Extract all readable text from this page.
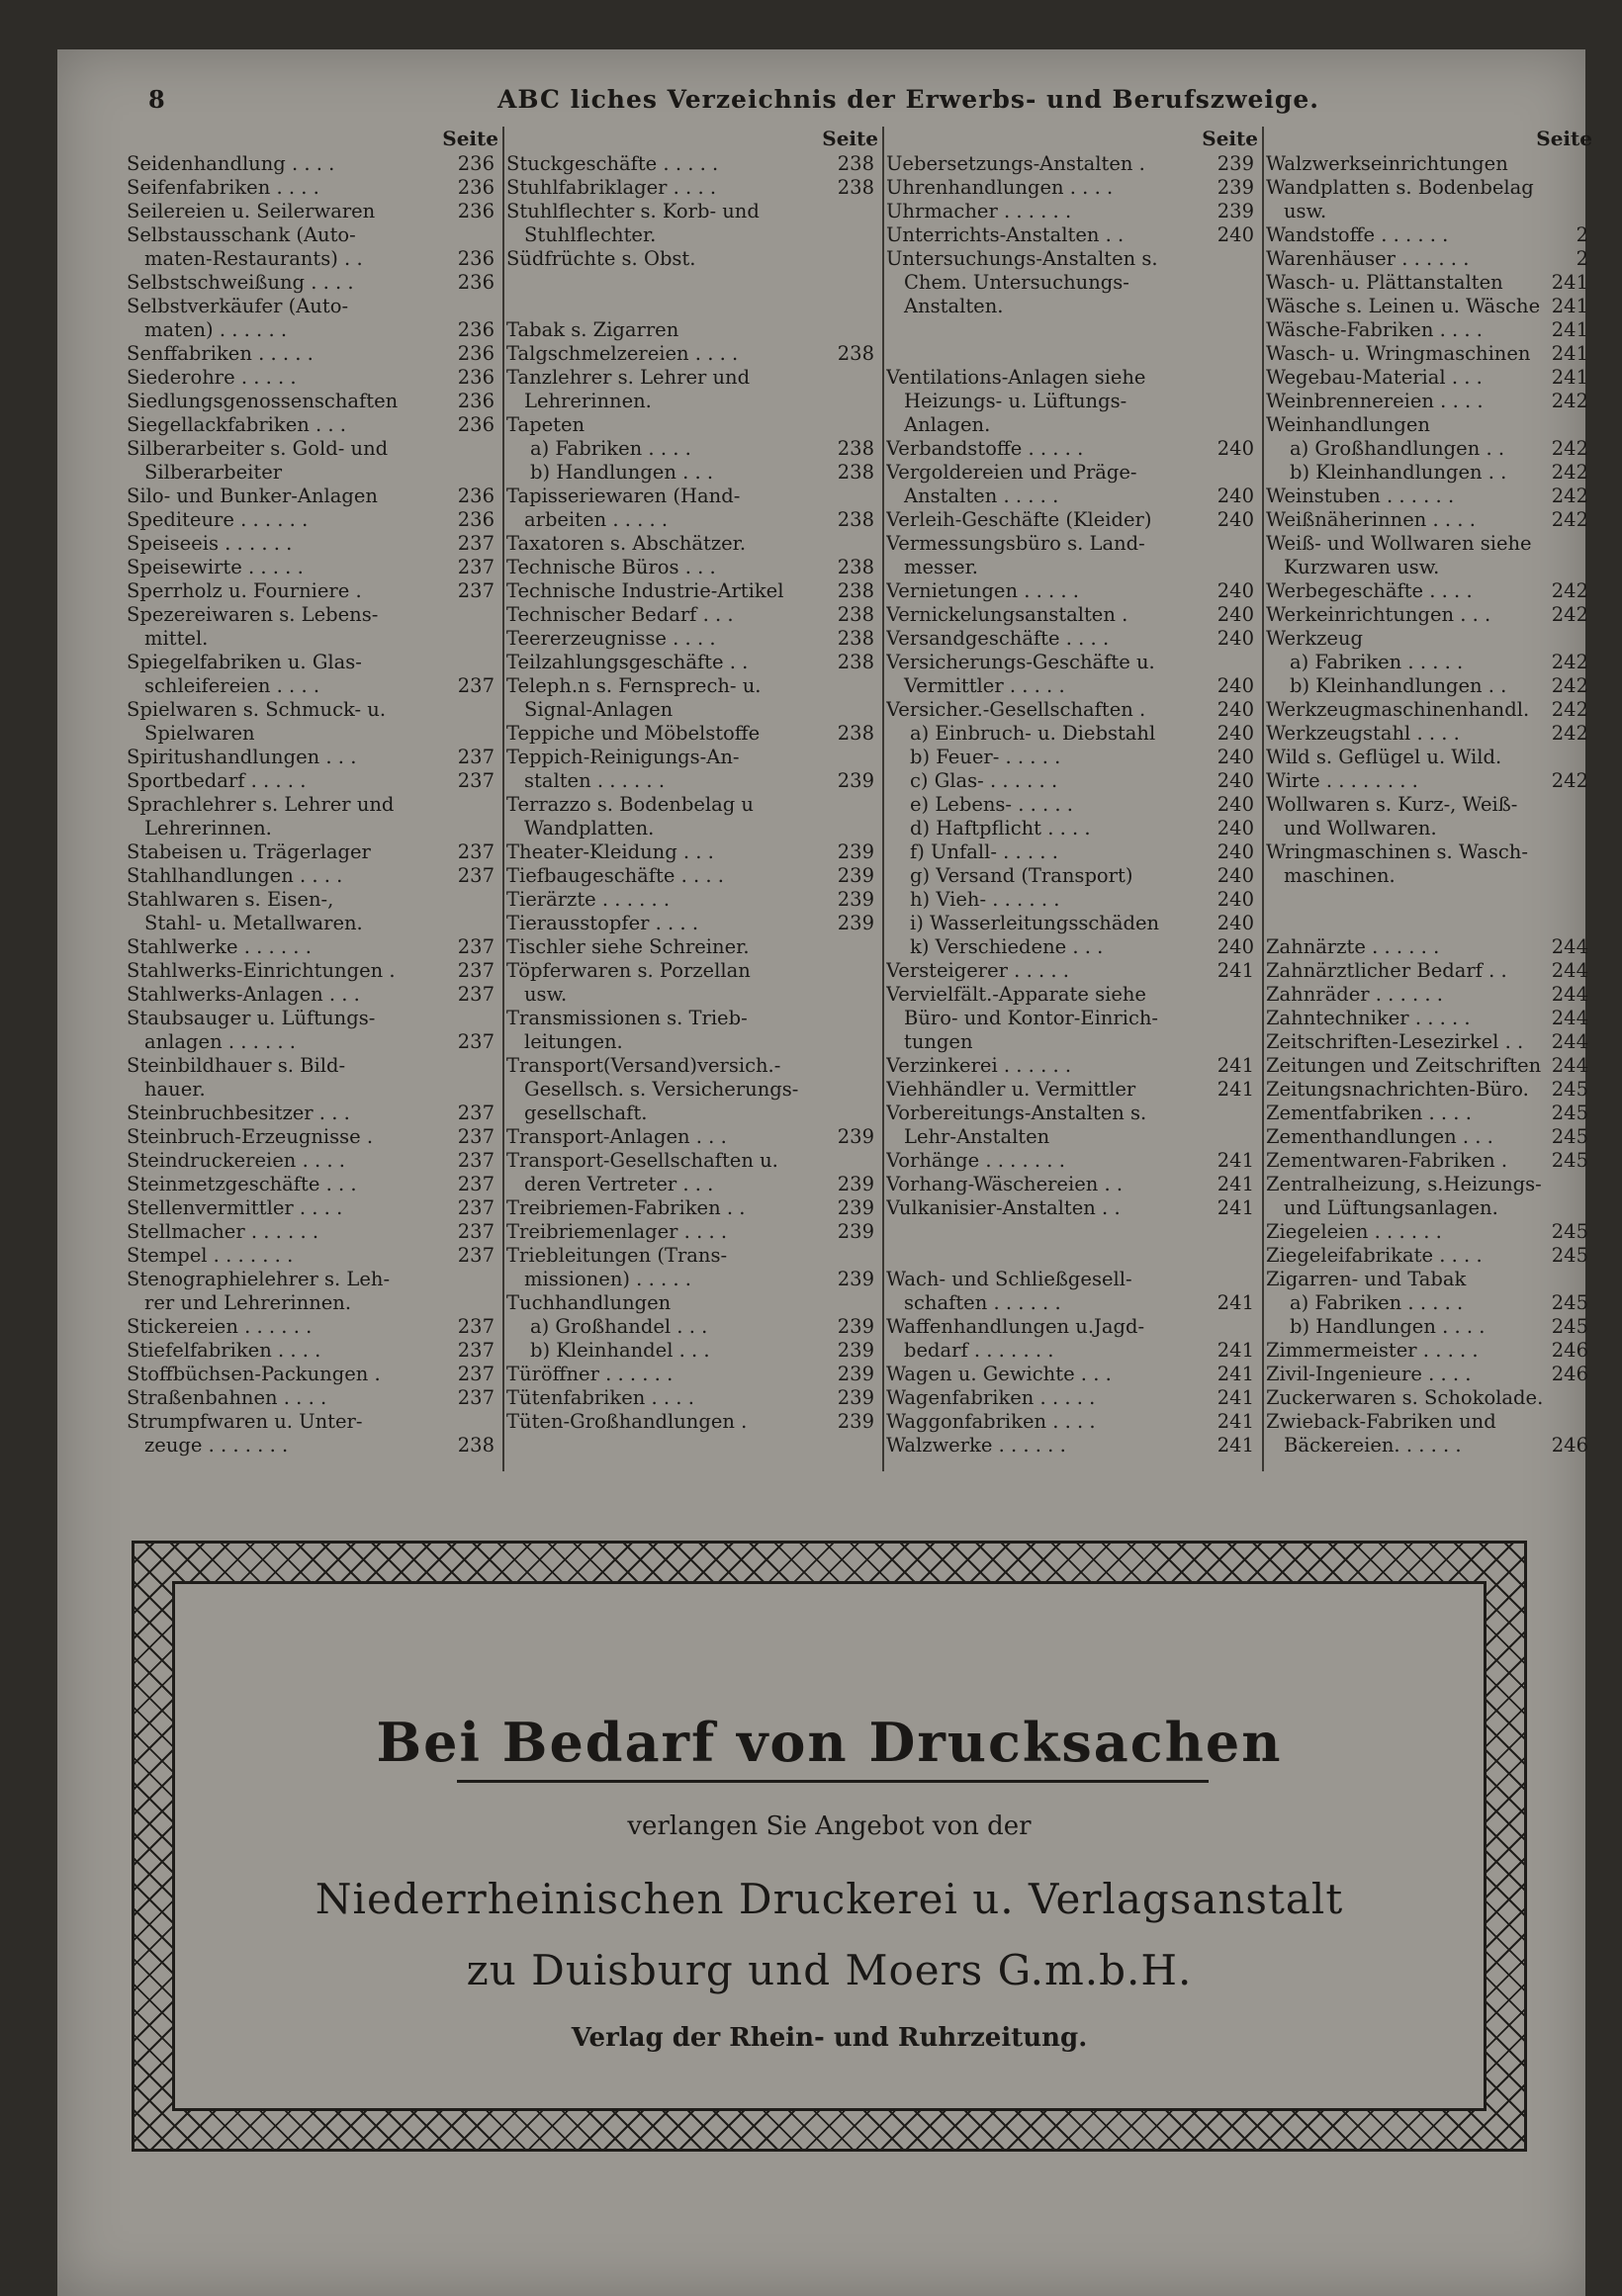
8	ABC liches Verzeichnis der Erwerbs- und Berufszweige.
Seite
Seidenhandlung . . . .	236
Seifenfabriken . . . .	236
Seilereien u. Seilerwaren	236
Selbstausschank (Auto-
maten-Restaurants) . .	236
Selbstschweißung . . . .	236
Selbstverkäufer (Auto-
maten) . . . . . .	236
Senffabriken . . . . .	236
Siederohre . . . . .	236
Siedlungsgenossenschaften	236
Siegellackfabriken . . .	236
Silberarbeiter s. Gold- und
Silberarbeiter
Silo- und Bunker-Anlagen	236
Spediteure . . . . . .	236
Speiseeis . . . . . .	237
Speisewirte . . . . .	237
Sperrholz u. Fourniere .	237
Spezereiwaren s. Lebens-
mittel.
Spiegelfabriken u. Glas-
schleifereien . . . .	237
Spielwaren s. Schmuck- u.
Spielwaren
Spiritushandlungen . . .	237
Sportbedarf . . . . .	237
Sprachlehrer s. Lehrer und
Lehrerinnen.
Stabeisen u. Trägerlager	237
Stahlhandlungen . . . .	237
Stahlwaren s. Eisen-,
Stahl- u. Metallwaren.
Stahlwerke . . . . . .	237
Stahlwerks-Einrichtungen .	237
Stahlwerks-Anlagen . . .	237
Staubsauger u. Lüftungs-
anlagen . . . . . .	237
Steinbildhauer s. Bild-
hauer.
Steinbruchbesitzer . . .	237
Steinbruch-Erzeugnisse .	237
Steindruckereien . . . .	237
Steinmetzgeschäfte . . .	237
Stellenvermittler . . . .	237
Stellmacher . . . . . .	237
Stempel . . . . . . .	237
Stenographielehrer s. Leh-
rer und Lehrerinnen.
Stickereien . . . . . .	237
Stiefelfabriken . . . .	237
Stoffbüchsen-Packungen .	237
Straßenbahnen . . . .	237
Strumpfwaren u. Unter-
zeuge . . . . . . .	238
Seite
Stuckgeschäfte . . . . .	238
Stuhlfabriklager . . . .	238
Stuhlflechter s. Korb- und
Stuhlflechter.
Südfrüchte s. Obst.
Tabak s. Zigarren
Talgschmelzereien . . . .	238
Tanzlehrer s. Lehrer und
Lehrerinnen.
Tapeten
a) Fabriken . . . .	238
b) Handlungen . . .	238
Tapisseriewaren (Hand-
arbeiten . . . . .	238
Taxatoren s. Abschätzer.
Technische Büros . . .	238
Technische Industrie-Artikel	238
Technischer Bedarf . . .	238
Teererzeugnisse . . . .	238
Teilzahlungsgeschäfte . .	238
Teleph.n s. Fernsprech- u.
Signal-Anlagen
Teppiche und Möbelstoffe	238
Teppich-Reinigungs-An-
stalten . . . . . .	239
Terrazzo s. Bodenbelag u
Wandplatten.
Theater-Kleidung . . .	239
Tiefbaugeschäfte . . . .	239
Tierärzte . . . . . .	239
Tierausstopfer . . . .	239
Tischler siehe Schreiner.
Töpferwaren s. Porzellan
usw.
Transmissionen s. Trieb-
leitungen.
Transport(Versand)versich.-
Gesellsch. s. Versicherungs-
gesellschaft.
Transport-Anlagen . . .	239
Transport-Gesellschaften u.
deren Vertreter . . .	239
Treibriemen-Fabriken . .	239
Treibriemenlager . . . .	239
Triebleitungen (Trans-
missionen) . . . . .	239
Tuchhandlungen
a) Großhandel . . .	239
b) Kleinhandel . . .	239
Türöffner . . . . . .	239
Tütenfabriken . . . .	239
Tüten-Großhandlungen .	239
Seite
Uebersetzungs-Anstalten .	239
Uhrenhandlungen . . . .	239
Uhrmacher . . . . . .	239
Unterrichts-Anstalten . .	240
Untersuchungs-Anstalten s.
Chem. Untersuchungs-
Anstalten.
Ventilations-Anlagen siehe
Heizungs- u. Lüftungs-
Anlagen.
Verbandstoffe . . . . .	240
Vergoldereien und Präge-
Anstalten . . . . .	240
Verleih-Geschäfte (Kleider)	240
Vermessungsbüro s. Land-
messer.
Vernietungen . . . . .	240
Vernickelungsanstalten .	240
Versandgeschäfte . . . .	240
Versicherungs-Geschäfte u.
Vermittler . . . . .	240
Versicher.-Gesellschaften .	240
a) Einbruch- u. Diebstahl	240
b) Feuer- . . . . .	240
c) Glas- . . . . . .	240
e) Lebens- . . . . .	240
d) Haftpflicht . . . .	240
f) Unfall- . . . . .	240
g) Versand (Transport)	240
h) Vieh- . . . . . .	240
i) Wasserleitungsschäden	240
k) Verschiedene . . .	240
Versteigerer . . . . .	241
Vervielfält.-Apparate siehe
Büro- und Kontor-Einrich-
tungen
Verzinkerei . . . . . .	241
Viehhändler u. Vermittler	241
Vorbereitungs-Anstalten s.
Lehr-Anstalten
Vorhänge . . . . . . .	241
Vorhang-Wäschereien . .	241
Vulkanisier-Anstalten . .	241
Wach- und Schließgesell-
schaften . . . . . .	241
Waffenhandlungen u.Jagd-
bedarf . . . . . . .	241
Wagen u. Gewichte . . .	241
Wagenfabriken . . . . .	241
Waggonfabriken . . . .	241
Walzwerke . . . . . .	241
Seite
Walzwerkseinrichtungen
Wandplatten s. Bodenbelag
usw.
Wandstoffe . . . . . .	2
Warenhäuser . . . . . .	2
Wasch- u. Plättanstalten	241
Wäsche s. Leinen u. Wäsche 241
Wäsche-Fabriken . . . .	241
Wasch- u. Wringmaschinen 241
Wegebau-Material . . .	241
Weinbrennereien . . . .	242
Weinhandlungen
a) Großhandlungen . . 242
b) Kleinhandlungen . . 242
Weinstuben . . . . . .	242
Weißnäherinnen . . . .	242
Weiß- und Wollwaren siehe
Kurzwaren usw.
Werbegeschäfte . . . .	242
Werkeinrichtungen . . .	242
Werkzeug
a) Fabriken . . . . .	242
b) Kleinhandlungen . . 242
Werkzeugmaschinenhandl. 242
Werkzeugstahl . . . .	242
Wild s. Geflügel u. Wild.
Wirte . . . . . . . .	242
Wollwaren s. Kurz-, Weiß-
und Wollwaren.
Wringmaschinen s. Wasch-
maschinen.
Zahnärzte . . . . . .	244
Zahnärztlicher Bedarf . . 244
Zahnräder . . . . . .	244
Zahntechniker . . . . .	244
Zeitschriften-Lesezirkel . . 244
Zeitungen und Zeitschriften 244
Zeitungsnachrichten-Büro. 245
Zementfabriken . . . .	245
Zementhandlungen . . .	245
Zementwaren-Fabriken . 245
Zentralheizung, s.Heizungs-
und Lüftungsanlagen.
Ziegeleien . . . . . .	245
Ziegeleifabrikate . . . .	245
Zigarren- und Tabak
a) Fabriken . . . . .	245
b) Handlungen . . . .	245
Zimmermeister . . . . .	246
Zivil-Ingenieure . . . .	246
Zuckerwaren s. Schokolade.
Zwieback-Fabriken und
Bäckereien. . . . . .	246
Bei Bedarf von Drucksachen
verlangen Sie Angebot von der
Niederrheinischen Druckerei u. Verlagsanstalt
zu Duisburg und Moers G.m.b.H.
Verlag der Rhein- und Ruhrzeitung.
